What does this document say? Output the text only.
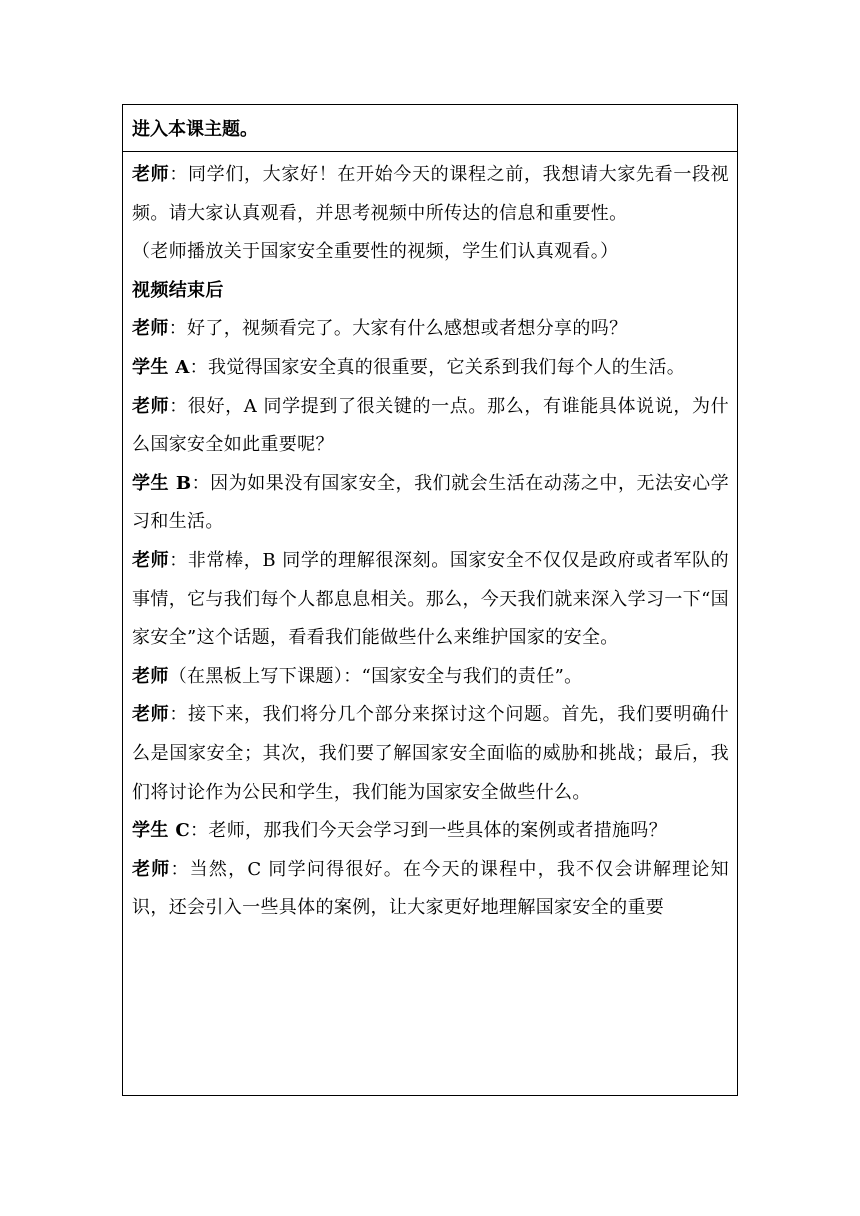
进入本课主题。

老师：同学们，大家好！在开始今天的课程之前，我想请大家先看一段视频。请大家认真观看，并思考视频中所传达的信息和重要性。

（老师播放关于国家安全重要性的视频，学生们认真观看。）

视频结束后

老师：好了，视频看完了。大家有什么感想或者想分享的吗？

学生 A：我觉得国家安全真的很重要，它关系到我们每个人的生活。

老师：很好，A 同学提到了很关键的一点。那么，有谁能具体说说，为什么国家安全如此重要呢？

学生 B：因为如果没有国家安全，我们就会生活在动荡之中，无法安心学习和生活。

老师：非常棒，B 同学的理解很深刻。国家安全不仅仅是政府或者军队的事情，它与我们每个人都息息相关。那么，今天我们就来深入学习一下“国家安全”这个话题，看看我们能做些什么来维护国家的安全。

老师（在黑板上写下课题）：“国家安全与我们的责任”。

老师：接下来，我们将分几个部分来探讨这个问题。首先，我们要明确什么是国家安全；其次，我们要了解国家安全面临的威胁和挑战；最后，我们将讨论作为公民和学生，我们能为国家安全做些什么。

学生 C：老师，那我们今天会学习到一些具体的案例或者措施吗？

老师：当然，C 同学问得很好。在今天的课程中，我不仅会讲解理论知识，还会引入一些具体的案例，让大家更好地理解国家安全的重要
